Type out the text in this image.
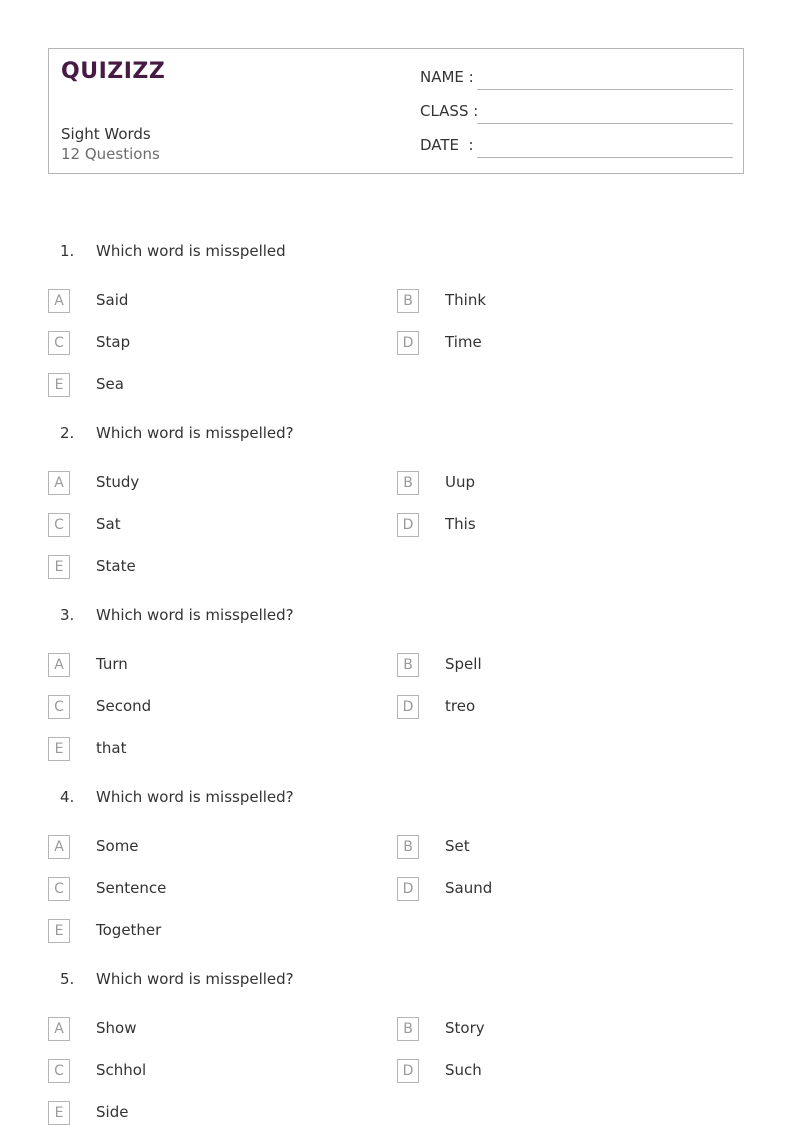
QUIZIZZ
Sight Words
12 Questions
NAME :
CLASS :
DATE  :
1. Which word is misspelled
A	Said	B	Think
C	Stap	D	Time
E	Sea
2. Which word is misspelled?
A	Study	B	Uup
C	Sat	D	This
E	State
3. Which word is misspelled?
A	Turn	B	Spell
C	Second	D	treo
E	that
4. Which word is misspelled?
A	Some	B	Set
C	Sentence	D	Saund
E	Together
5. Which word is misspelled?
A	Show	B	Story
C	Schhol	D	Such
E	Side
